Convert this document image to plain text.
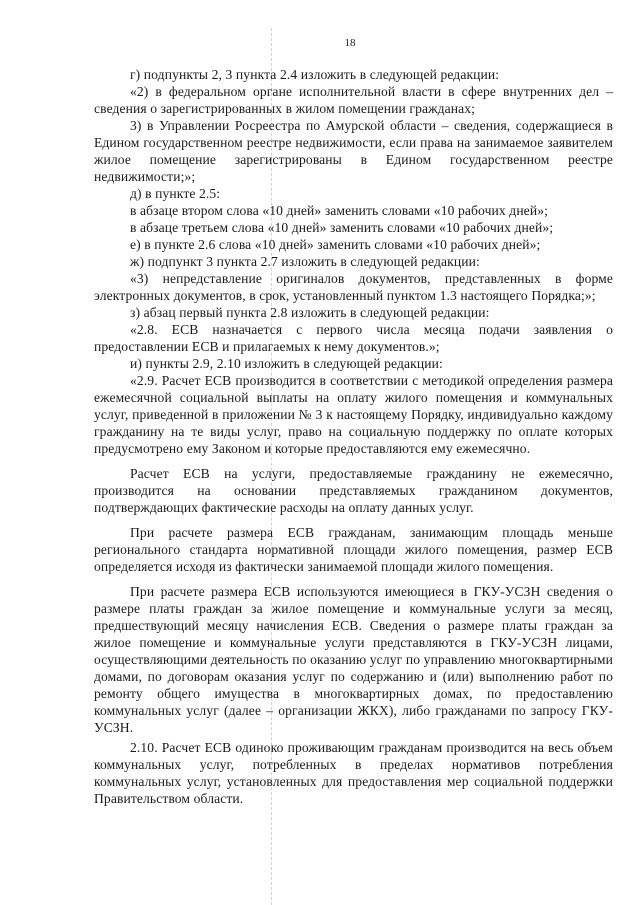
18

г) подпункты 2, 3 пункта 2.4 изложить в следующей редакции:

«2) в федеральном органе исполнительной власти в сфере внутренних дел – сведения о зарегистрированных в жилом помещении гражданах;

3) в Управлении Росреестра по Амурской области – сведения, содержащиеся в Едином государственном реестре недвижимости, если права на занимаемое заявителем жилое помещение зарегистрированы в Едином государственном реестре недвижимости;»;

д) в пункте 2.5:

в абзаце втором слова «10 дней» заменить словами «10 рабочих дней»;

в абзаце третьем слова «10 дней» заменить словами «10 рабочих дней»;

е) в пункте 2.6 слова «10 дней» заменить словами «10 рабочих дней»;

ж) подпункт 3 пункта 2.7 изложить в следующей редакции:

«3) непредставление оригиналов документов, представленных в форме электронных документов, в срок, установленный пунктом 1.3 настоящего Порядка;»;

з) абзац первый пункта 2.8 изложить в следующей редакции:

«2.8. ЕСВ назначается с первого числа месяца подачи заявления о предоставлении ЕСВ и прилагаемых к нему документов.»;

и) пункты 2.9, 2.10 изложить в следующей редакции:

«2.9. Расчет ЕСВ производится в соответствии с методикой определения размера ежемесячной социальной выплаты на оплату жилого помещения и коммунальных услуг, приведенной в приложении № 3 к настоящему Порядку, индивидуально каждому гражданину на те виды услуг, право на социальную поддержку по оплате которых предусмотрено ему Законом и которые предоставляются ему ежемесячно.

Расчет ЕСВ на услуги, предоставляемые гражданину не ежемесячно, производится на основании представляемых гражданином документов, подтверждающих фактические расходы на оплату данных услуг.

При расчете размера ЕСВ гражданам, занимающим площадь меньше регионального стандарта нормативной площади жилого помещения, размер ЕСВ определяется исходя из фактически занимаемой площади жилого помещения.

При расчете размера ЕСВ используются имеющиеся в ГКУ-УСЗН сведения о размере платы граждан за жилое помещение и коммунальные услуги за месяц, предшествующий месяцу начисления ЕСВ. Сведения о размере платы граждан за жилое помещение и коммунальные услуги представляются в ГКУ-УСЗН лицами, осуществляющими деятельность по оказанию услуг по управлению многоквартирными домами, по договорам оказания услуг по содержанию и (или) выполнению работ по ремонту общего имущества в многоквартирных домах, по предоставлению коммунальных услуг (далее – организации ЖКХ), либо гражданами по запросу ГКУ-УСЗН.

2.10. Расчет ЕСВ одиноко проживающим гражданам производится на весь объем коммунальных услуг, потребленных в пределах нормативов потребления коммунальных услуг, установленных для предоставления мер социальной поддержки Правительством области.
